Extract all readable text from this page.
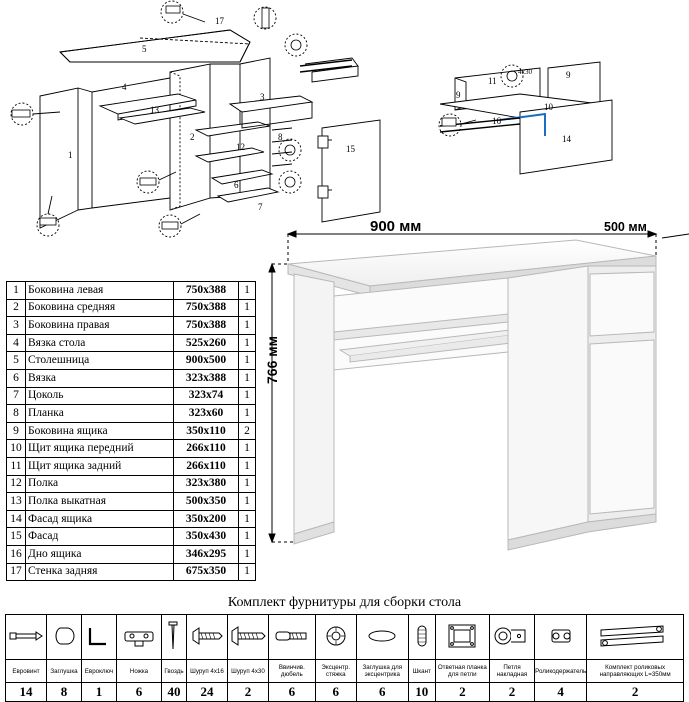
17
5
4
13
3
1
2
12
8
6
7
15
11
9
9
10
16
14
4x30
1	Боковина левая	750x388	1
2	Боковина средняя	750x388	1
3	Боковина правая	750x388	1
4	Вязка стола	525x260	1
5	Столешница	900x500	1
6	Вязка	323x388	1
7	Цоколь	323x74	1
8	Планка	323x60	1
9	Боковина ящика	350x110	2
10	Щит ящика передний	266x110	1
11	Щит ящика задний	266x110	1
12	Полка	323x380	1
13	Полка выкатная	500x350	1
14	Фасад ящика	350x200	1
15	Фасад	350x430	1
16	Дно ящика	346x295	1
17	Стенка задняя	675x350	1
900 мм	500 мм
766 мм
Комплект фурнитуры для сборки стола

Евровинт	Заглушка	Евроключ	Ножка	Гвоздь	Шуруп 4x16	Шуруп 4x30	Ввинчив. дюбель	Эксцентр. стяжка	Заглушка для эксцентрика	Шкант	Ответная планка для петли	Петля накладная	Роликодержатель	Комплект роликовых направляющих L=350мм
14	8	1	6	40	24	2	6	6	6	10	2	2	4	2
